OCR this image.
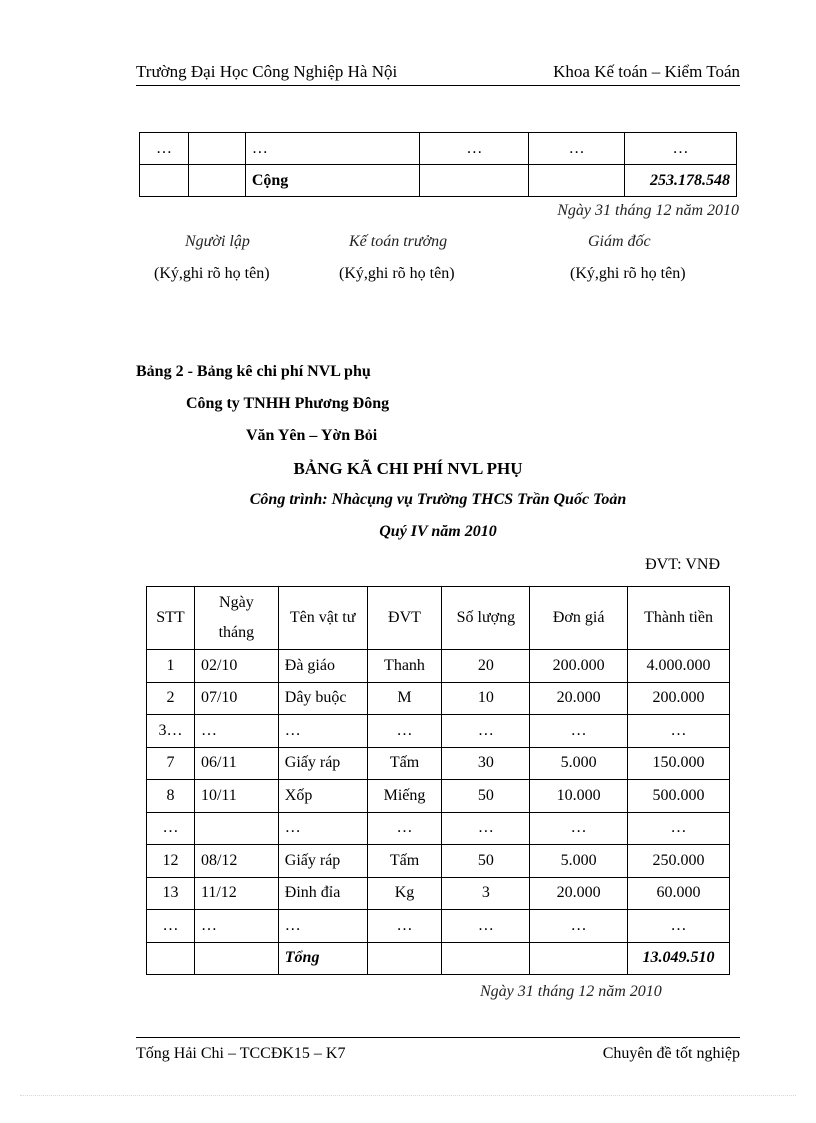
Trường Đại Học Công Nghiệp Hà Nội	Khoa Kế toán – Kiểm Toán
…		…	…	…	…
		Cộng			253.178.548
Ngày 31 tháng 12 năm 2010
Người lập	Kế toán trưởng	Giám đốc
(Ký,ghi rõ họ tên)	(Ký,ghi rõ họ tên)	(Ký,ghi rõ họ tên)
Bảng 2 - Bảng kê chi phí NVL phụ
Công ty TNHH Phương Đông
Văn Yên – Yờn Bỏi
BẢNG KÃ CHI PHÍ NVL PHỤ
Công trình: Nhàcụng vụ Trường THCS Trần Quốc Toản
Quý IV năm 2010
ĐVT: VNĐ
STT	Ngày tháng	Tên vật tư	ĐVT	Số lượng	Đơn giá	Thành tiền
1	02/10	Đà giáo	Thanh	20	200.000	4.000.000
2	07/10	Dây buộc	M	10	20.000	200.000
3…	…	…	…	…	…	…
7	06/11	Giấy ráp	Tấm	30	5.000	150.000
8	10/11	Xốp	Miếng	50	10.000	500.000
…		…	…	…	…	…
12	08/12	Giấy ráp	Tấm	50	5.000	250.000
13	11/12	Đinh đỉa	Kg	3	20.000	60.000
…	…	…	…	…	…	…
		Tổng				13.049.510
Ngày 31 tháng 12 năm 2010
Tống Hải Chi – TCCĐK15 – K7	Chuyên đề tốt nghiệp
